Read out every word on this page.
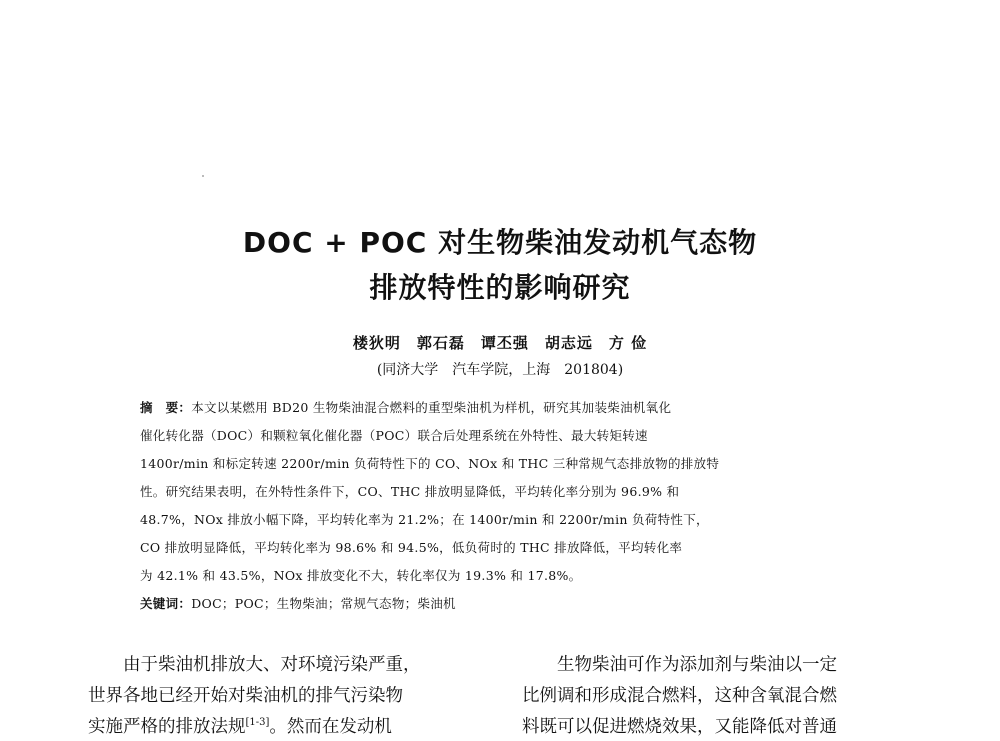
DOC + POC 对生物柴油发动机气态物
排放特性的影响研究
楼狄明　郭石磊　谭丕强　胡志远　方 俭
(同济大学　汽车学院，上海　201804)
摘　要：本文以某燃用 BD20 生物柴油混合燃料的重型柴油机为样机，研究其加装柴油机氧化
催化转化器（DOC）和颗粒氧化催化器（POC）联合后处理系统在外特性、最大转矩转速
1400r/min 和标定转速 2200r/min 负荷特性下的 CO、NOx 和 THC 三种常规气态排放物的排放特
性。研究结果表明，在外特性条件下，CO、THC 排放明显降低，平均转化率分别为 96.9% 和
48.7%，NOx 排放小幅下降，平均转化率为 21.2%；在 1400r/min 和 2200r/min 负荷特性下，
CO 排放明显降低，平均转化率为 98.6% 和 94.5%，低负荷时的 THC 排放降低，平均转化率
为 42.1% 和 43.5%，NOx 排放变化不大，转化率仅为 19.3% 和 17.8%。
关键词：DOC；POC；生物柴油；常规气态物；柴油机
　　由于柴油机排放大、对环境污染严重，
世界各地已经开始对柴油机的排气污染物
实施严格的排放法规[1-3]。然而在发动机
　　生物柴油可作为添加剂与柴油以一定
比例调和形成混合燃料，这种含氧混合燃
料既可以促进燃烧效果，又能降低对普通
